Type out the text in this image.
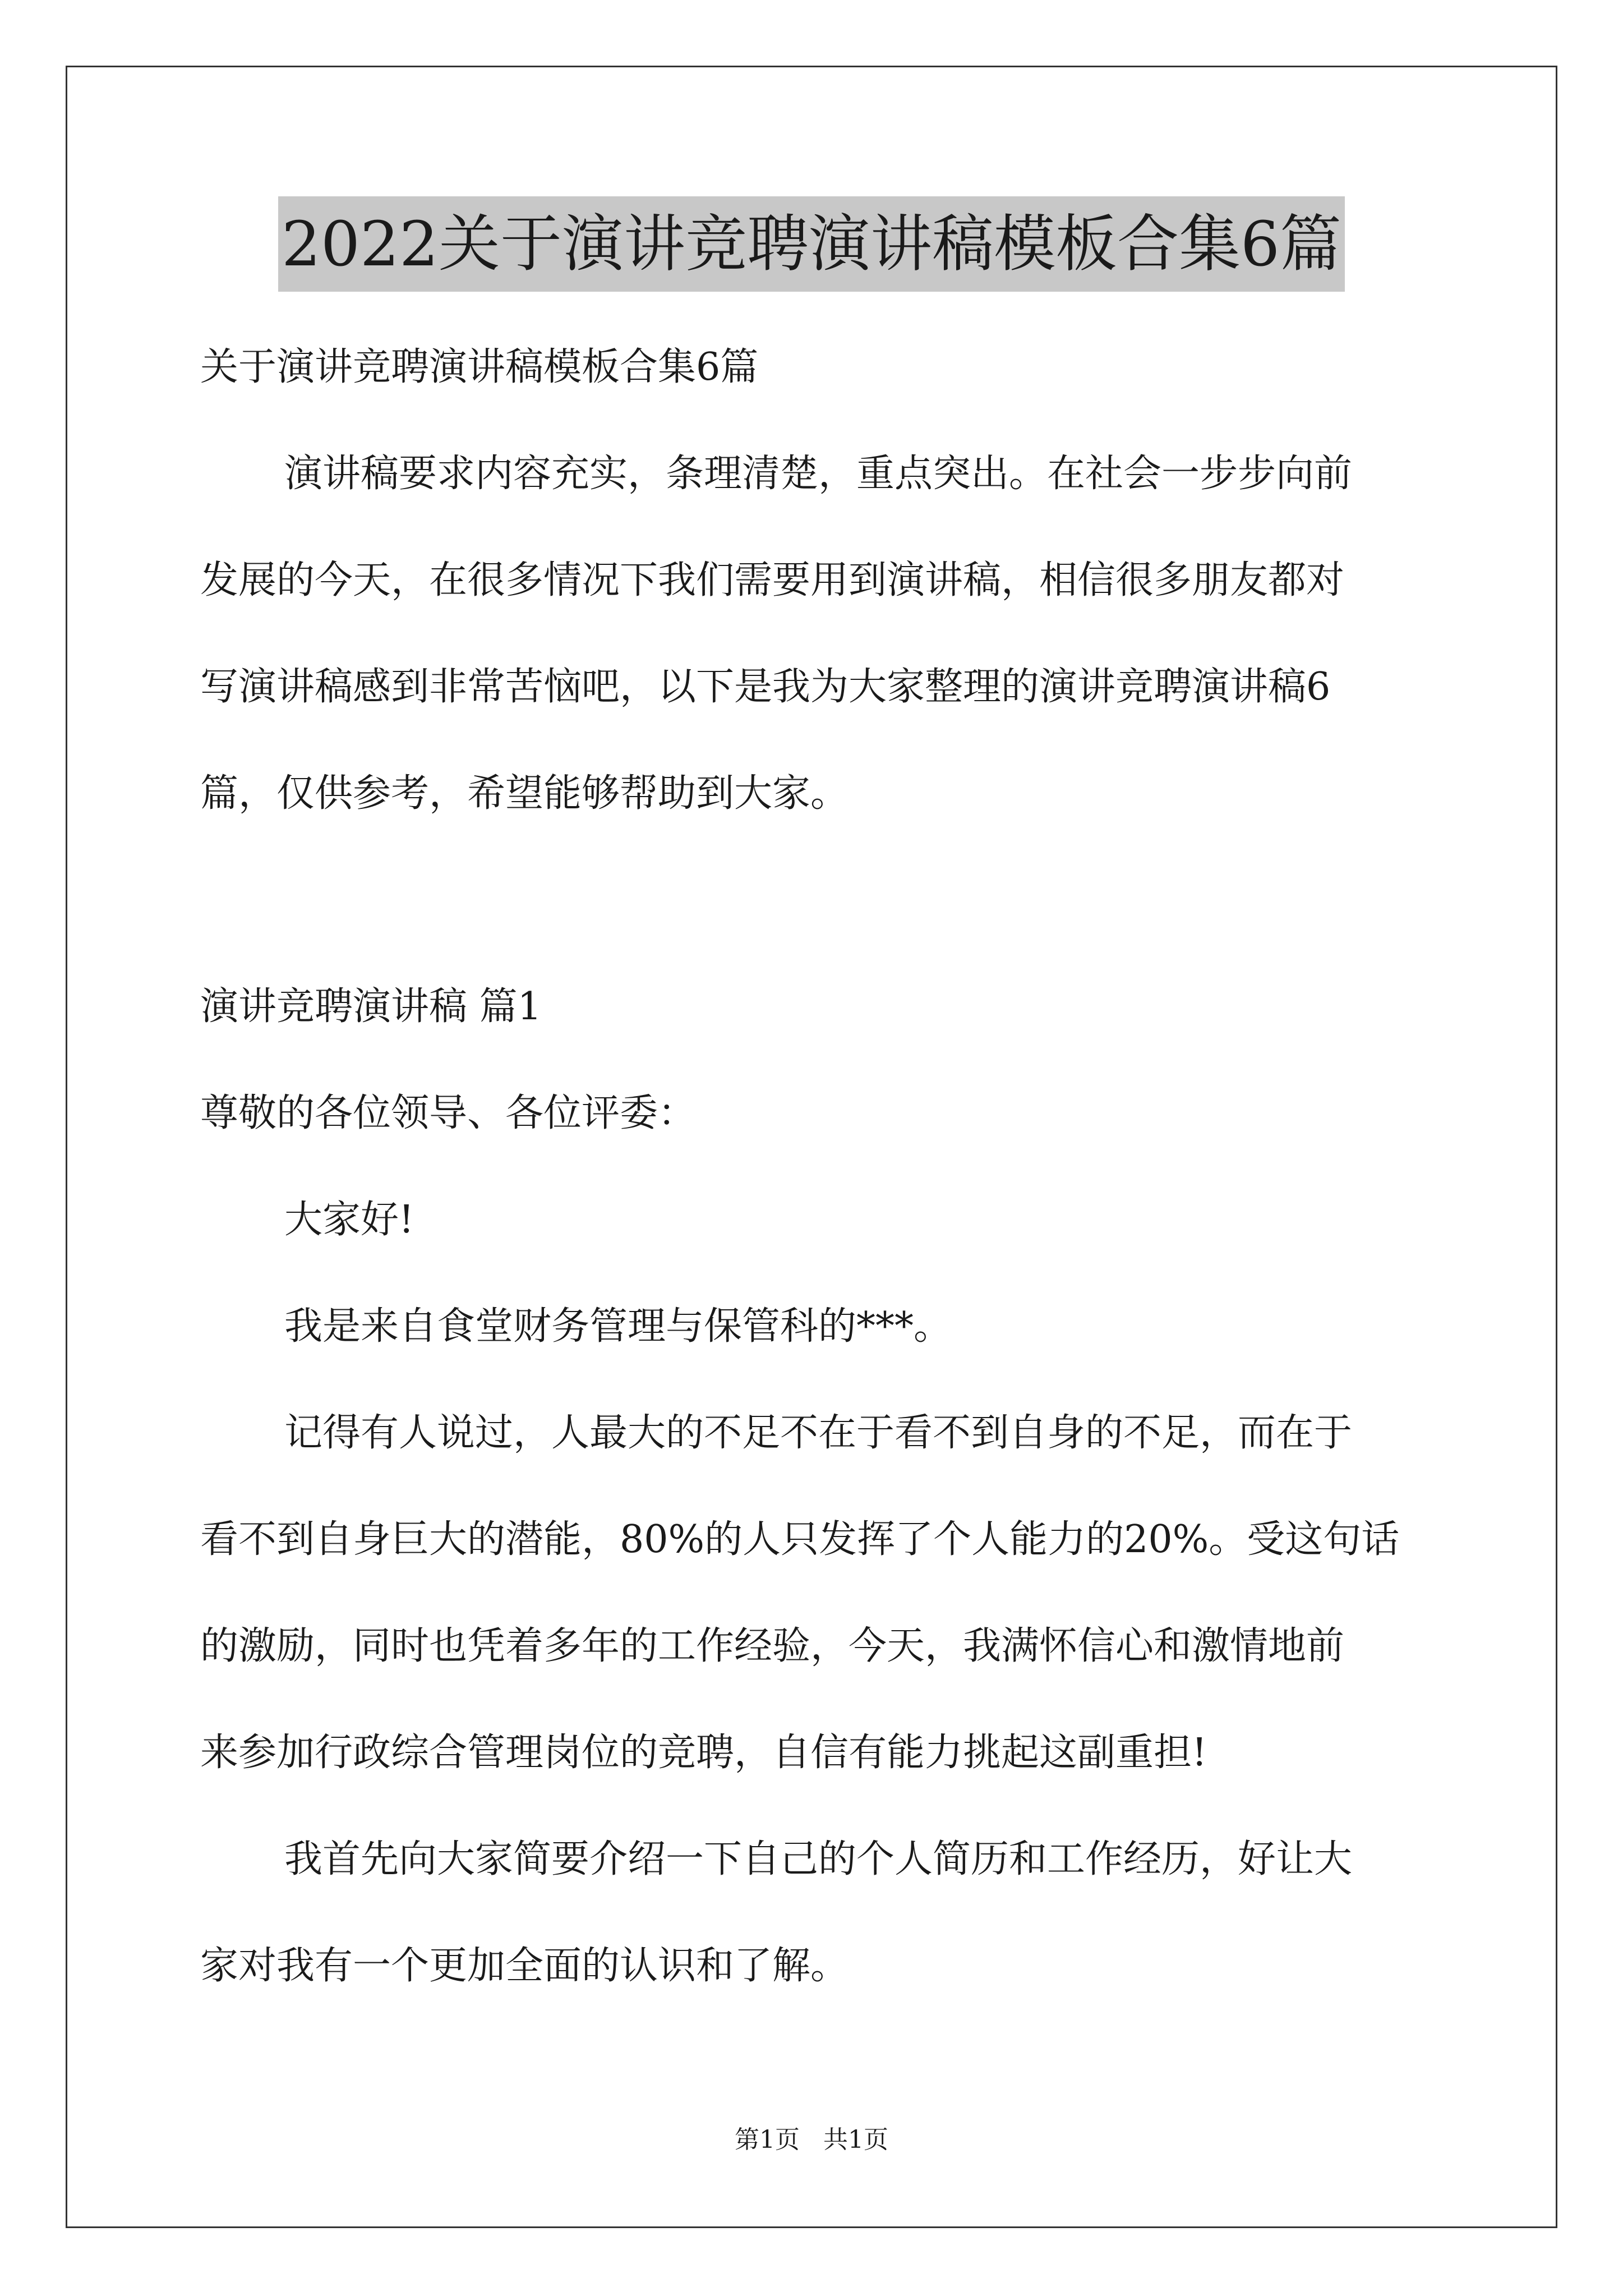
2022关于演讲竞聘演讲稿模板合集6篇
关于演讲竞聘演讲稿模板合集6篇
演讲稿要求内容充实，条理清楚，重点突出。在社会一步步向前
发展的今天，在很多情况下我们需要用到演讲稿，相信很多朋友都对
写演讲稿感到非常苦恼吧，以下是我为大家整理的演讲竞聘演讲稿6
篇，仅供参考，希望能够帮助到大家。
演讲竞聘演讲稿 篇1
尊敬的各位领导、各位评委：
大家好!
我是来自食堂财务管理与保管科的***。
记得有人说过，人最大的不足不在于看不到自身的不足，而在于
看不到自身巨大的潜能，80%的人只发挥了个人能力的20%。受这句话
的激励，同时也凭着多年的工作经验，今天，我满怀信心和激情地前
来参加行政综合管理岗位的竞聘，自信有能力挑起这副重担!
我首先向大家简要介绍一下自己的个人简历和工作经历，好让大
家对我有一个更加全面的认识和了解。
第1页 共1页
